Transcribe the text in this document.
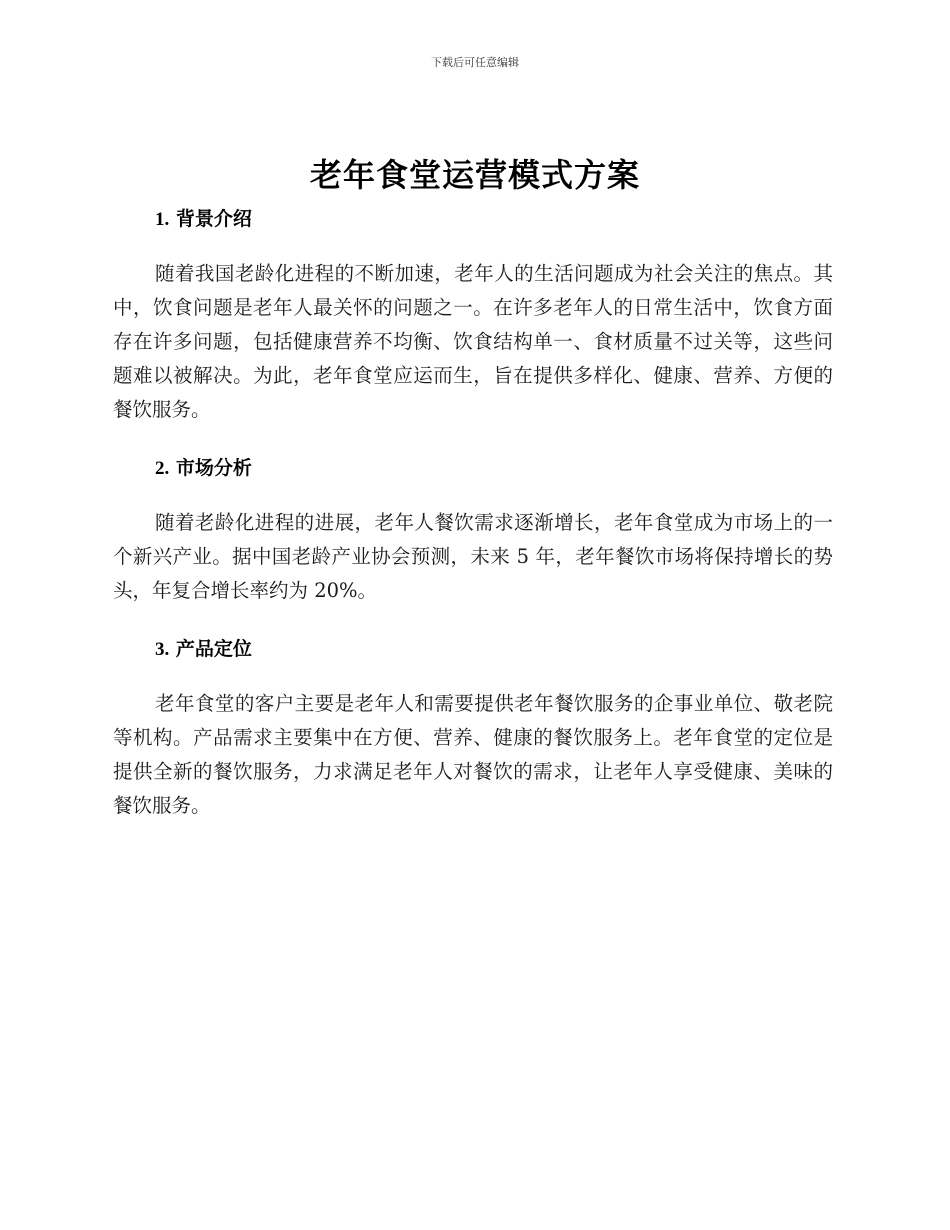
下载后可任意编辑
老年食堂运营模式方案
1. 背景介绍

随着我国老龄化进程的不断加速，老年人的生活问题成为社会关注的焦点。其中，饮食问题是老年人最关怀的问题之一。在许多老年人的日常生活中，饮食方面存在许多问题，包括健康营养不均衡、饮食结构单一、食材质量不过关等，这些问题难以被解决。为此，老年食堂应运而生，旨在提供多样化、健康、营养、方便的餐饮服务。

2. 市场分析

随着老龄化进程的进展，老年人餐饮需求逐渐增长，老年食堂成为市场上的一个新兴产业。据中国老龄产业协会预测，未来 5 年，老年餐饮市场将保持增长的势头，年复合增长率约为 20%。

3. 产品定位

老年食堂的客户主要是老年人和需要提供老年餐饮服务的企事业单位、敬老院等机构。产品需求主要集中在方便、营养、健康的餐饮服务上。老年食堂的定位是提供全新的餐饮服务，力求满足老年人对餐饮的需求，让老年人享受健康、美味的餐饮服务。
